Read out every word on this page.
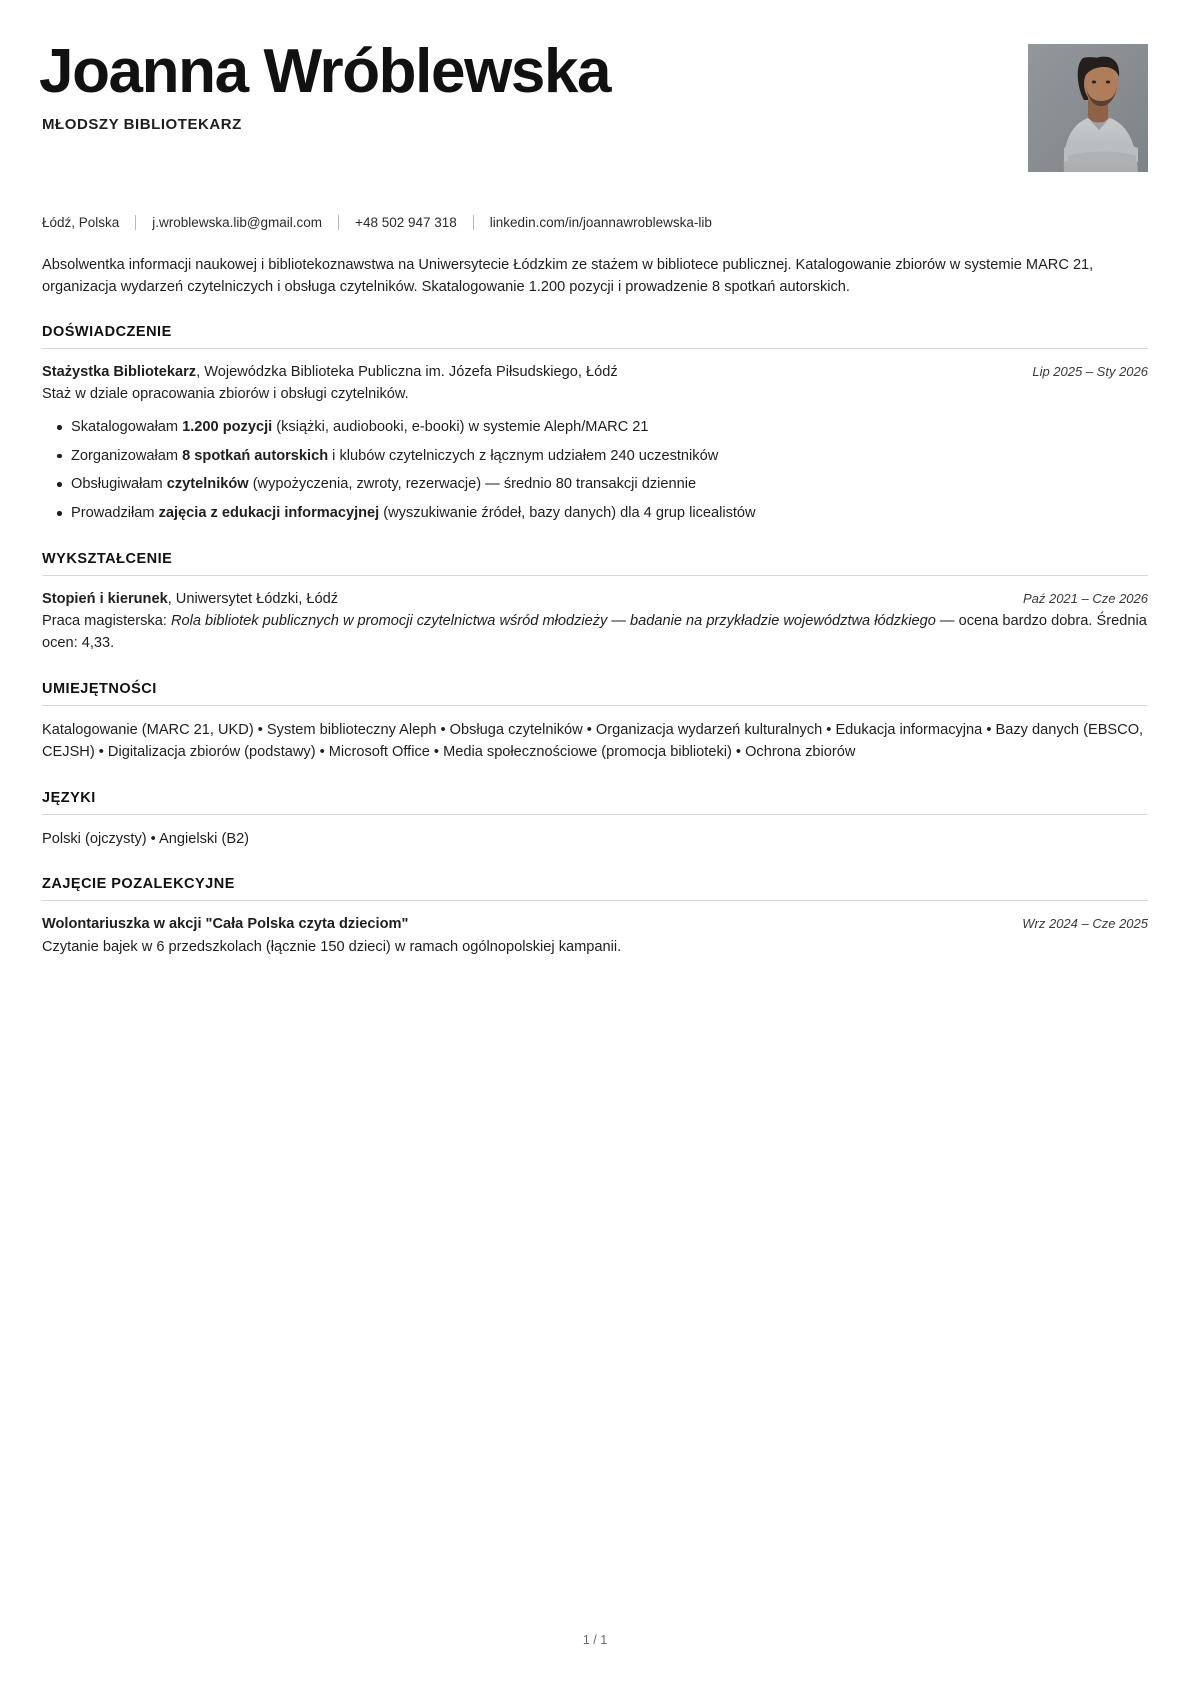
Joanna Wróblewska
MŁODSZY BIBLIOTEKARZ
Łódź, Polska j.wroblewska.lib@gmail.com +48 502 947 318 linkedin.com/in/joannawroblewska-lib
Absolwentka informacji naukowej i bibliotekoznawstwa na Uniwersytecie Łódzkim ze stażem w bibliotece publicznej. Katalogowanie zbiorów w systemie MARC 21, organizacja wydarzeń czytelniczych i obsługa czytelników. Skatalogowanie 1.200 pozycji i prowadzenie 8 spotkań autorskich.
DOŚWIADCZENIE
Stażystka Bibliotekarz, Wojewódzka Biblioteka Publiczna im. Józefa Piłsudskiego, Łódź	Lip 2025 – Sty 2026
Staż w dziale opracowania zbiorów i obsługi czytelników.
Skatalogowałam 1.200 pozycji (książki, audiobooki, e-booki) w systemie Aleph/MARC 21
Zorganizowałam 8 spotkań autorskich i klubów czytelniczych z łącznym udziałem 240 uczestników
Obsługiwałam czytelników (wypożyczenia, zwroty, rezerwacje) — średnio 80 transakcji dziennie
Prowadziłam zajęcia z edukacji informacyjnej (wyszukiwanie źródeł, bazy danych) dla 4 grup licealistów
WYKSZTAŁCENIE
Stopień i kierunek, Uniwersytet Łódzki, Łódź	Paź 2021 – Cze 2026
Praca magisterska: Rola bibliotek publicznych w promocji czytelnictwa wśród młodzieży — badanie na przykładzie województwa łódzkiego — ocena bardzo dobra. Średnia ocen: 4,33.
UMIEJĘTNOŚCI
Katalogowanie (MARC 21, UKD) • System biblioteczny Aleph • Obsługa czytelników • Organizacja wydarzeń kulturalnych • Edukacja informacyjna • Bazy danych (EBSCO, CEJSH) • Digitalizacja zbiorów (podstawy) • Microsoft Office • Media społecznościowe (promocja biblioteki) • Ochrona zbiorów
JĘZYKI
Polski (ojczysty) • Angielski (B2)
ZAJĘCIE POZALEKCYJNE
Wolontariuszka w akcji "Cała Polska czyta dzieciom"	Wrz 2024 – Cze 2025
Czytanie bajek w 6 przedszkolach (łącznie 150 dzieci) w ramach ogólnopolskiej kampanii.
1 / 1
